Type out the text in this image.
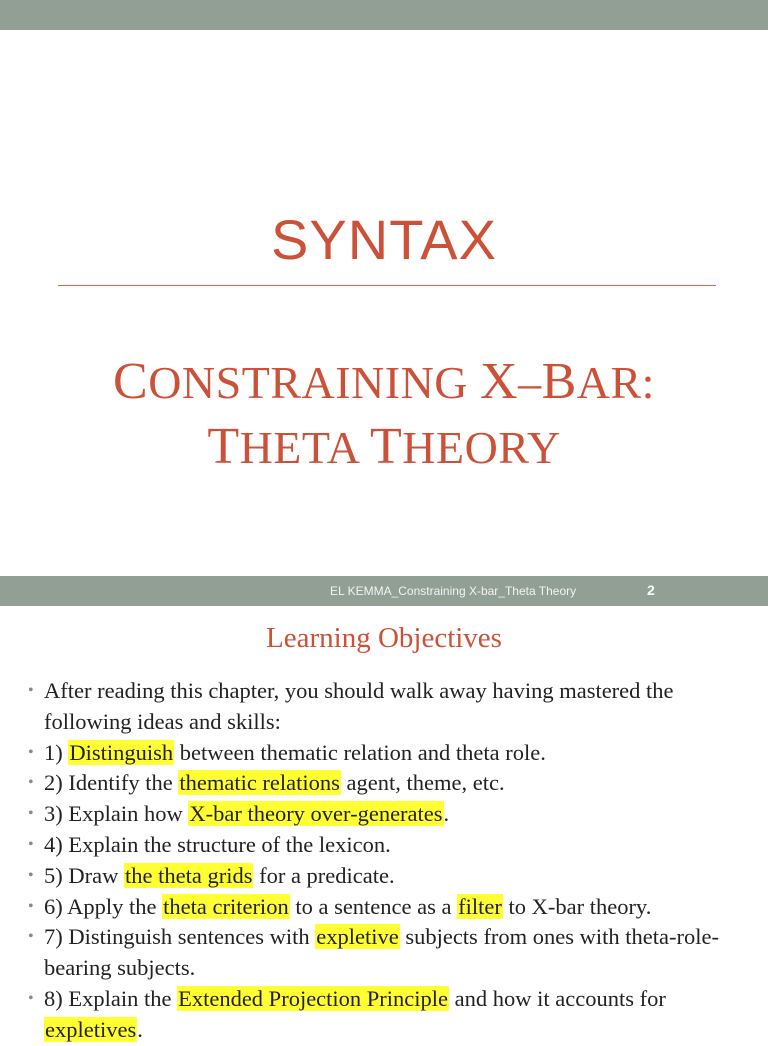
SYNTAX
CONSTRAINING X–BAR:
THETA THEORY
EL KEMMA_Constraining X-bar_Theta Theory	2
Learning Objectives
• After reading this chapter, you should walk away having mastered the following ideas and skills:
• 1) Distinguish between thematic relation and theta role.
• 2) Identify the thematic relations agent, theme, etc.
• 3) Explain how X-bar theory over-generates.
• 4) Explain the structure of the lexicon.
• 5) Draw the theta grids for a predicate.
• 6) Apply the theta criterion to a sentence as a filter to X-bar theory.
• 7) Distinguish sentences with expletive subjects from ones with theta-role-bearing subjects.
• 8) Explain the Extended Projection Principle and how it accounts for expletives.
